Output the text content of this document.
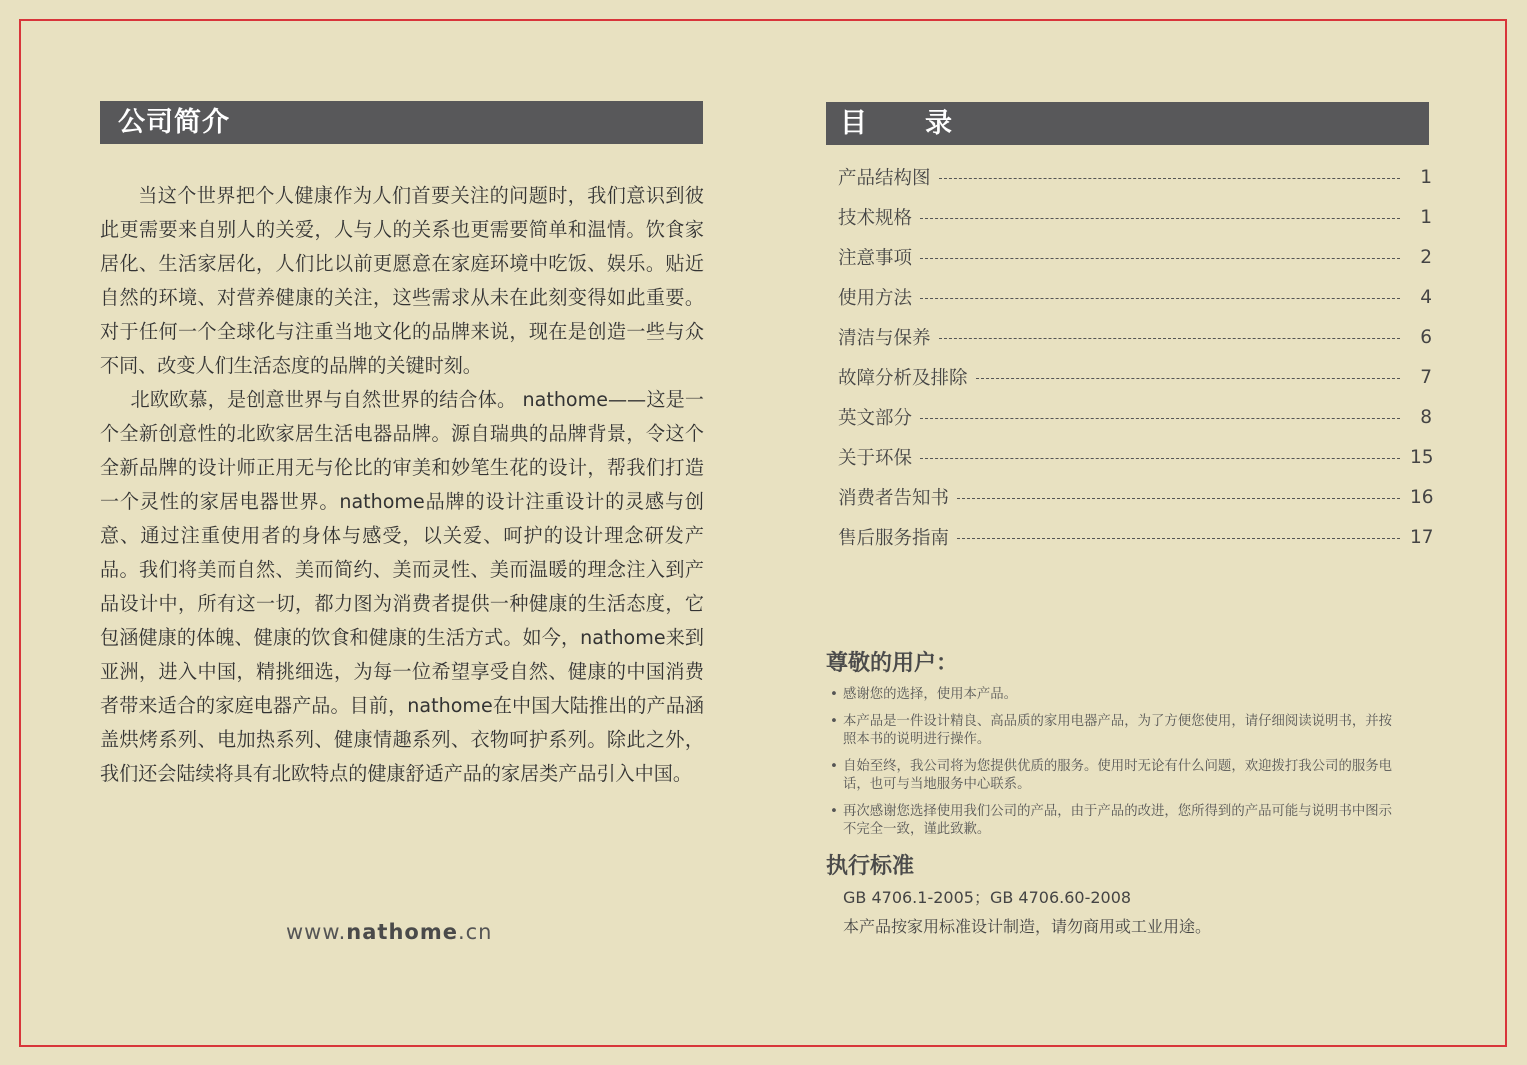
公司简介

当这个世界把个人健康作为人们首要关注的问题时，我们意识到彼此更需要来自别人的关爱，人与人的关系也更需要简单和温情。饮食家居化、生活家居化，人们比以前更愿意在家庭环境中吃饭、娱乐。贴近自然的环境、对营养健康的关注，这些需求从未在此刻变得如此重要。对于任何一个全球化与注重当地文化的品牌来说，现在是创造一些与众不同、改变人们生活态度的品牌的关键时刻。

北欧欧慕，是创意世界与自然世界的结合体。 nathome——这是一个全新创意性的北欧家居生活电器品牌。源自瑞典的品牌背景，令这个全新品牌的设计师正用无与伦比的审美和妙笔生花的设计，帮我们打造一个灵性的家居电器世界。nathome品牌的设计注重设计的灵感与创意、通过注重使用者的身体与感受，以关爱、呵护的设计理念研发产品。我们将美而自然、美而简约、美而灵性、美而温暖的理念注入到产品设计中，所有这一切，都力图为消费者提供一种健康的生活态度，它包涵健康的体魄、健康的饮食和健康的生活方式。如今，nathome来到亚洲，进入中国，精挑细选，为每一位希望享受自然、健康的中国消费者带来适合的家庭电器产品。目前，nathome在中国大陆推出的产品涵盖烘烤系列、电加热系列、健康情趣系列、衣物呵护系列。除此之外，我们还会陆续将具有北欧特点的健康舒适产品的家居类产品引入中国。

www.nathome.cn
目录
产品结构图	1
技术规格	1
注意事项	2
使用方法	4
清洁与保养	6
故障分析及排除	7
英文部分	8
关于环保	15
消费者告知书	16
售后服务指南	17
尊敬的用户：
• 感谢您的选择，使用本产品。
• 本产品是一件设计精良、高品质的家用电器产品，为了方便您使用，请仔细阅读说明书，并按照本书的说明进行操作。
• 自始至终，我公司将为您提供优质的服务。使用时无论有什么问题，欢迎拨打我公司的服务电话，也可与当地服务中心联系。
• 再次感谢您选择使用我们公司的产品，由于产品的改进，您所得到的产品可能与说明书中图示不完全一致，谨此致歉。
执行标准
GB 4706.1-2005；GB 4706.60-2008
本产品按家用标准设计制造，请勿商用或工业用途。
